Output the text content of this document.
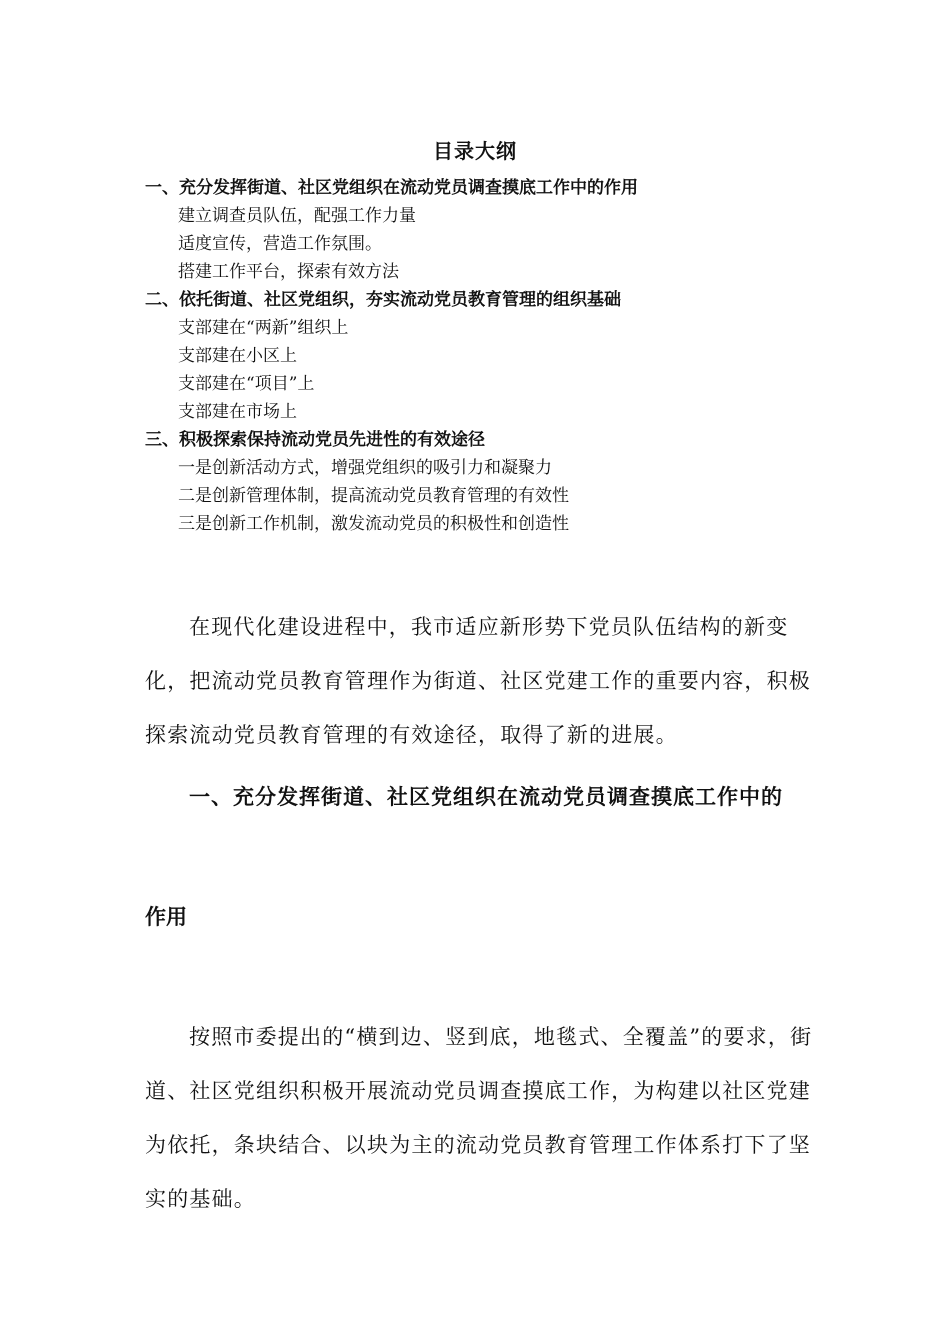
目录大纲
一、充分发挥街道、社区党组织在流动党员调查摸底工作中的作用
建立调查员队伍，配强工作力量
适度宣传，营造工作氛围。
搭建工作平台，探索有效方法
二、依托街道、社区党组织，夯实流动党员教育管理的组织基础
支部建在“两新”组织上
支部建在小区上
支部建在“项目”上
支部建在市场上
三、积极探索保持流动党员先进性的有效途径
一是创新活动方式，增强党组织的吸引力和凝聚力
二是创新管理体制，提高流动党员教育管理的有效性
三是创新工作机制，激发流动党员的积极性和创造性

在现代化建设进程中，我市适应新形势下党员队伍结构的新变化，把流动党员教育管理作为街道、社区党建工作的重要内容，积极探索流动党员教育管理的有效途径，取得了新的进展。

一、充分发挥街道、社区党组织在流动党员调查摸底工作中的
作用

按照市委提出的“横到边、竖到底，地毯式、全覆盖”的要求，街道、社区党组织积极开展流动党员调查摸底工作，为构建以社区党建为依托，条块结合、以块为主的流动党员教育管理工作体系打下了坚实的基础。
